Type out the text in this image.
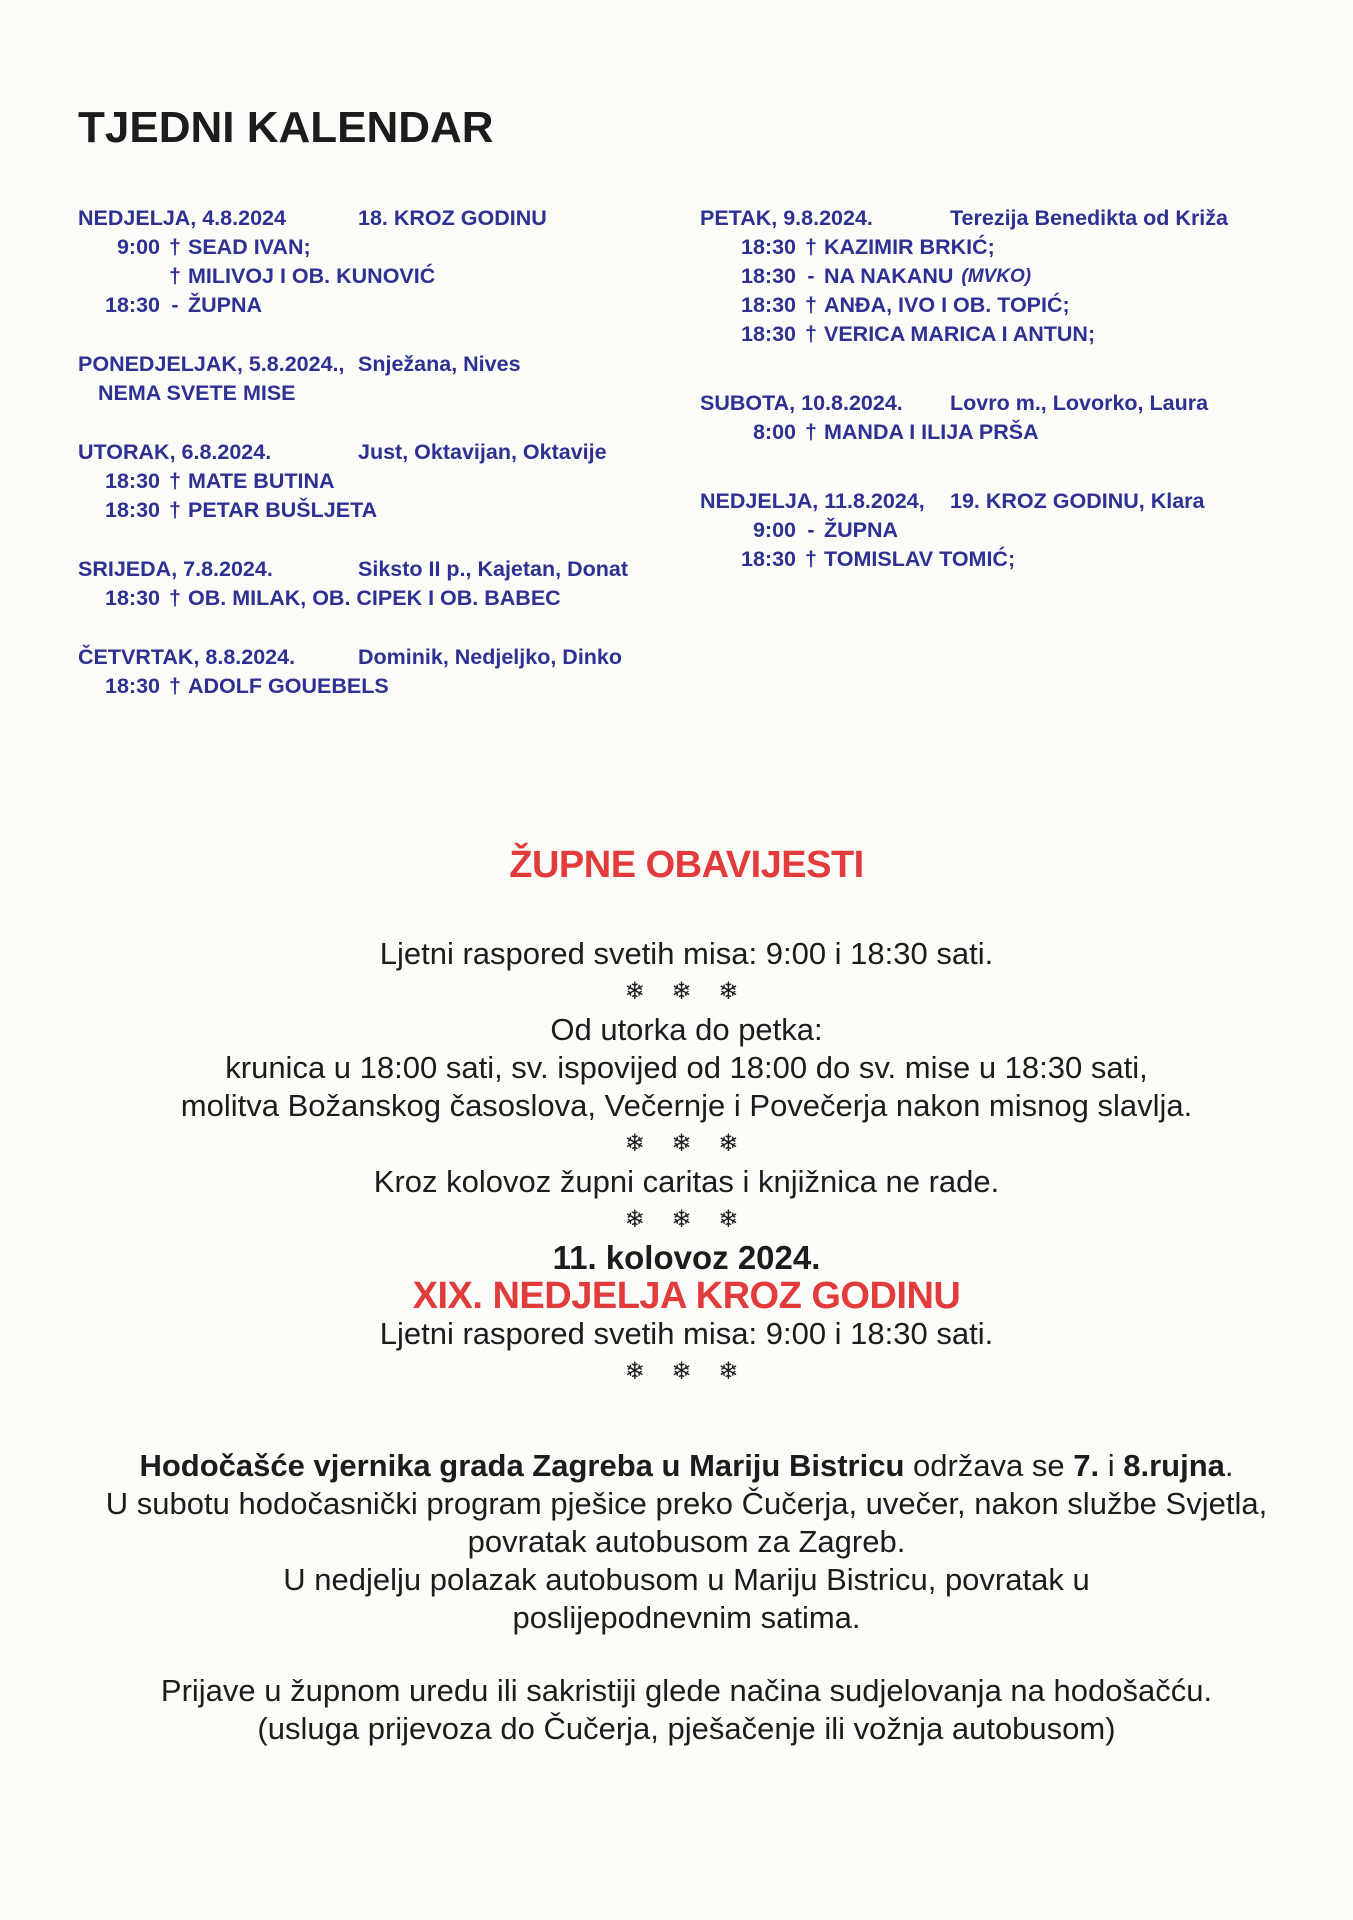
TJEDNI KALENDAR
NEDJELJA, 4.8.2024	18. KROZ GODINU
9:00 † SEAD IVAN;
† MILIVOJ I OB. KUNOVIĆ
18:30 - ŽUPNA
PONEDJELJAK, 5.8.2024., Snježana, Nives
NEMA SVETE MISE
UTORAK, 6.8.2024.	Just, Oktavijan, Oktavije
18:30 † MATE BUTINA
18:30 † PETAR BUŠLJETA
SRIJEDA, 7.8.2024.	Siksto II p., Kajetan, Donat
18:30 † OB. MILAK, OB. CIPEK I OB. BABEC
ČETVRTAK, 8.8.2024.	Dominik, Nedjeljko, Dinko
18:30 † ADOLF GOUEBELS
PETAK, 9.8.2024.	Terezija Benedikta od Križa
18:30 † KAZIMIR BRKIĆ;
18:30 - NA NAKANU (MVKO)
18:30 † ANĐA, IVO I OB. TOPIĆ;
18:30 † VERICA MARICA I ANTUN;
SUBOTA, 10.8.2024.	Lovro m., Lovorko, Laura
8:00 † MANDA I ILIJA PRŠA
NEDJELJA, 11.8.2024,	19. KROZ GODINU, Klara
9:00 - ŽUPNA
18:30 † TOMISLAV TOMIĆ;
ŽUPNE OBAVIJESTI
Ljetni raspored svetih misa: 9:00 i 18:30 sati.
❄ ❄ ❄
Od utorka do petka:
krunica u 18:00 sati, sv. ispovijed od 18:00 do sv. mise u 18:30 sati,
molitva Božanskog časoslova, Večernje i Povečerja nakon misnog slavlja.
❄ ❄ ❄
Kroz kolovoz župni caritas i knjižnica ne rade.
❄ ❄ ❄
11. kolovoz 2024.
XIX. NEDJELJA KROZ GODINU
Ljetni raspored svetih misa: 9:00 i 18:30 sati.
❄ ❄ ❄
Hodočašće vjernika grada Zagreba u Mariju Bistricu održava se 7. i 8.rujna.
U subotu hodočasnički program pješice preko Čučerja, uvečer, nakon službe Svjetla,
povratak autobusom za Zagreb.
U nedjelju polazak autobusom u Mariju Bistricu, povratak u
poslijepodnevnim satima.
Prijave u župnom uredu ili sakristiji glede načina sudjelovanja na hodošačću.
(usluga prijevoza do Čučerja, pješačenje ili vožnja autobusom)
